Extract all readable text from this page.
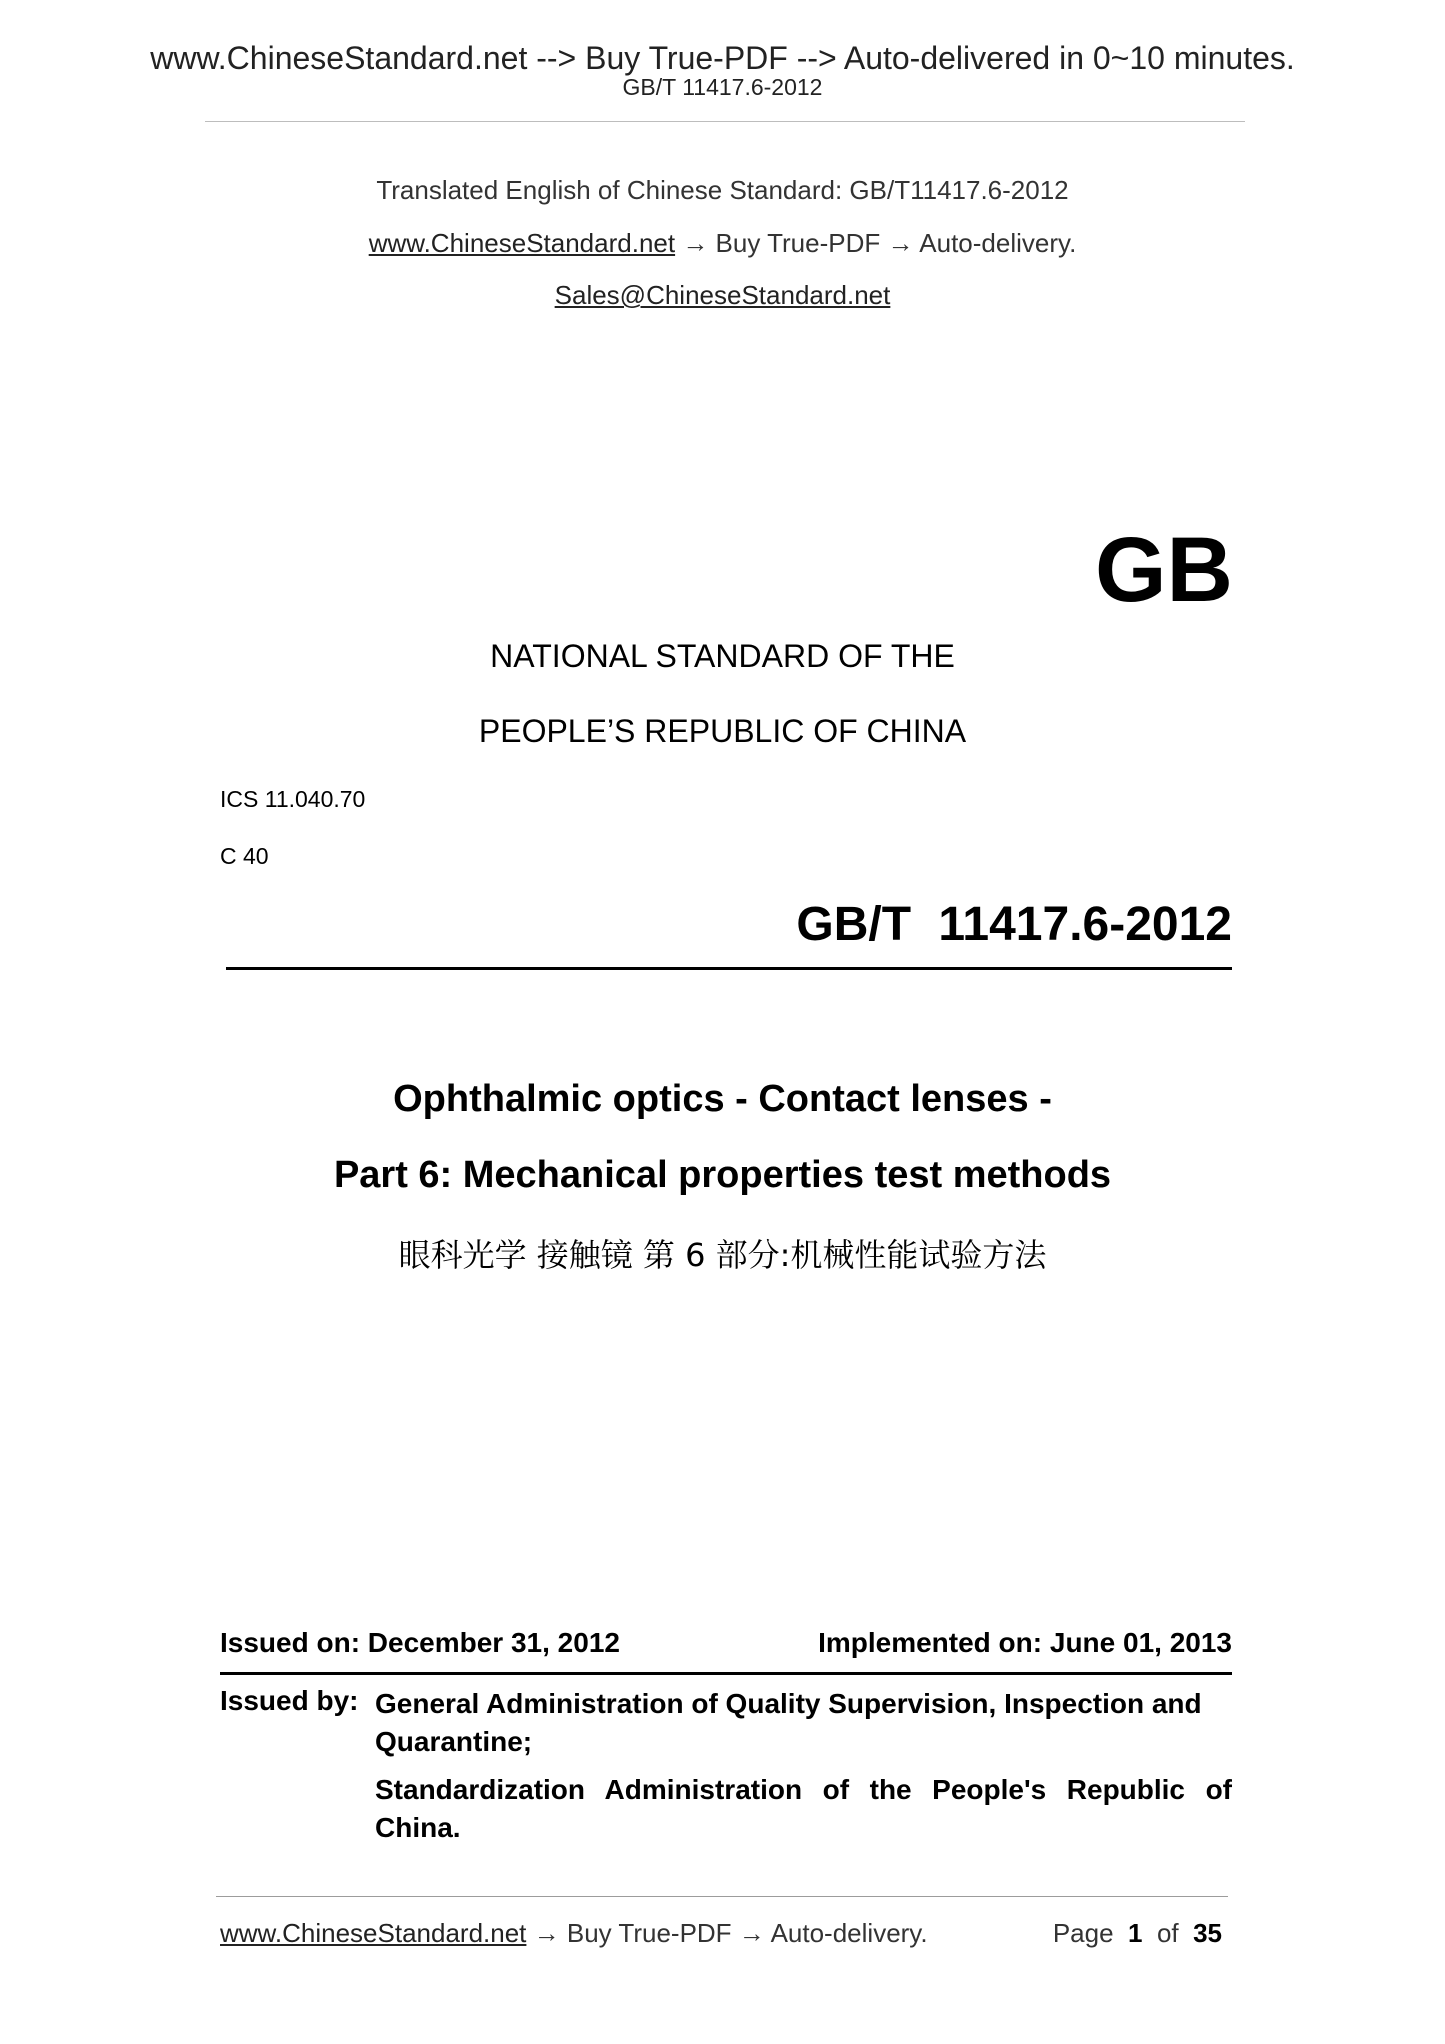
www.ChineseStandard.net --> Buy True-PDF --> Auto-delivered in 0~10 minutes.
GB/T 11417.6-2012
Translated English of Chinese Standard: GB/T11417.6-2012
www.ChineseStandard.net → Buy True-PDF → Auto-delivery.
Sales@ChineseStandard.net
GB
NATIONAL STANDARD OF THE
PEOPLE’S REPUBLIC OF CHINA
ICS 11.040.70
C 40
GB/T 11417.6-2012
Ophthalmic optics - Contact lenses -
Part 6: Mechanical properties test methods
眼科光学 接触镜 第 6 部分:机械性能试验方法
Issued on: December 31, 2012	Implemented on: June 01, 2013
Issued by: General Administration of Quality Supervision, Inspection and
Quarantine;
Standardization Administration of the People's Republic of
China.
www.ChineseStandard.net → Buy True-PDF → Auto-delivery.	Page 1 of 35
